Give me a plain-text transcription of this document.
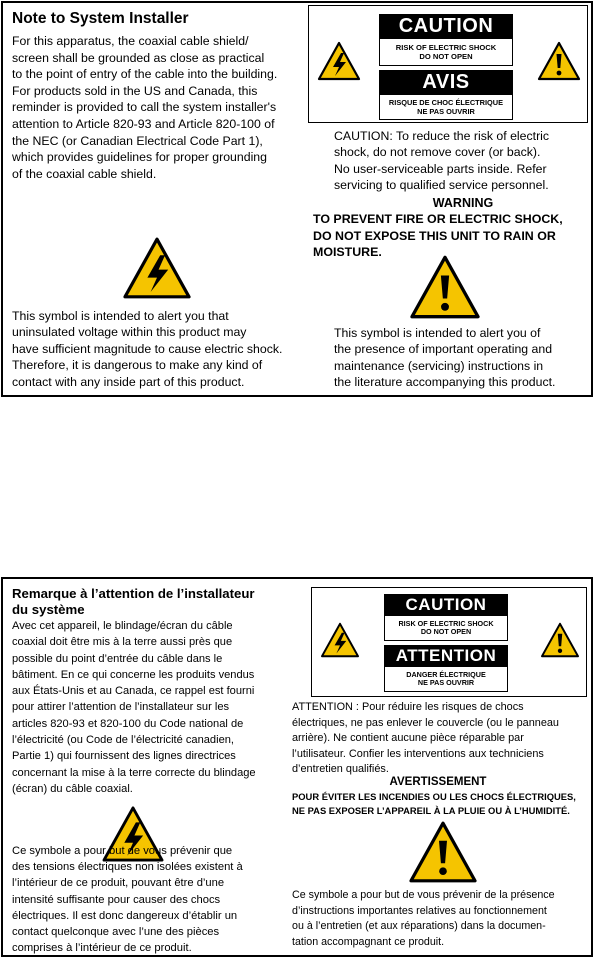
Note to System Installer
For this apparatus, the coaxial cable shield/
screen shall be grounded as close as practical
to the point of entry of the cable into the building.
For products sold in the US and Canada, this
reminder is provided to call the system installer's
attention to Article 820-93 and Article 820-100 of
the NEC (or Canadian Electrical Code Part 1),
which provides guidelines for proper grounding
of the coaxial cable shield.
CAUTION
RISK OF ELECTRIC SHOCK
DO NOT OPEN
AVIS
RISQUE DE CHOC ÉLECTRIQUE
NE PAS OUVRIR
CAUTION: To reduce the risk of electric
shock, do not remove cover (or back).
No user-serviceable parts inside. Refer
servicing to qualified service personnel.
WARNING
TO PREVENT FIRE OR ELECTRIC SHOCK,
DO NOT EXPOSE THIS UNIT TO RAIN OR
MOISTURE.
This symbol is intended to alert you that
uninsulated voltage within this product may
have sufficient magnitude to cause electric shock.
Therefore, it is dangerous to make any kind of
contact with any inside part of this product.
This symbol is intended to alert you of
the presence of important operating and
maintenance (servicing) instructions in
the literature accompanying this product.
Remarque à l’attention de l’installateur
du système
Avec cet appareil, le blindage/écran du câble
coaxial doit être mis à la terre aussi près que
possible du point d’entrée du câble dans le
bâtiment. En ce qui concerne les produits vendus
aux États-Unis et au Canada, ce rappel est fourni
pour attirer l’attention de l’installateur sur les
articles 820-93 et 820-100 du Code national de
l’électricité (ou Code de l’électricité canadien,
Partie 1) qui fournissent des lignes directrices
concernant la mise à la terre correcte du blindage
(écran) du câble coaxial.
CAUTION
RISK OF ELECTRIC SHOCK
DO NOT OPEN
ATTENTION
DANGER ÉLECTRIQUE
NE PAS OUVRIR
ATTENTION : Pour réduire les risques de chocs
électriques, ne pas enlever le couvercle (ou le panneau
arrière). Ne contient aucune pièce réparable par
l’utilisateur. Confier les interventions aux techniciens
d’entretien qualifiés.
AVERTISSEMENT
POUR ÉVITER LES INCENDIES OU LES CHOCS ÉLECTRIQUES,
NE PAS EXPOSER L’APPAREIL À LA PLUIE OU À L’HUMIDITÉ.
Ce symbole a pour but de vous prévenir que
des tensions électriques non isolées existent à
l’intérieur de ce produit, pouvant être d’une
intensité suffisante pour causer des chocs
électriques. Il est donc dangereux d’établir un
contact quelconque avec l’une des pièces
comprises à l’intérieur de ce produit.
Ce symbole a pour but de vous prévenir de la présence
d’instructions importantes relatives au fonctionnement
ou à l’entretien (et aux réparations) dans la documen-
tation accompagnant ce produit.
